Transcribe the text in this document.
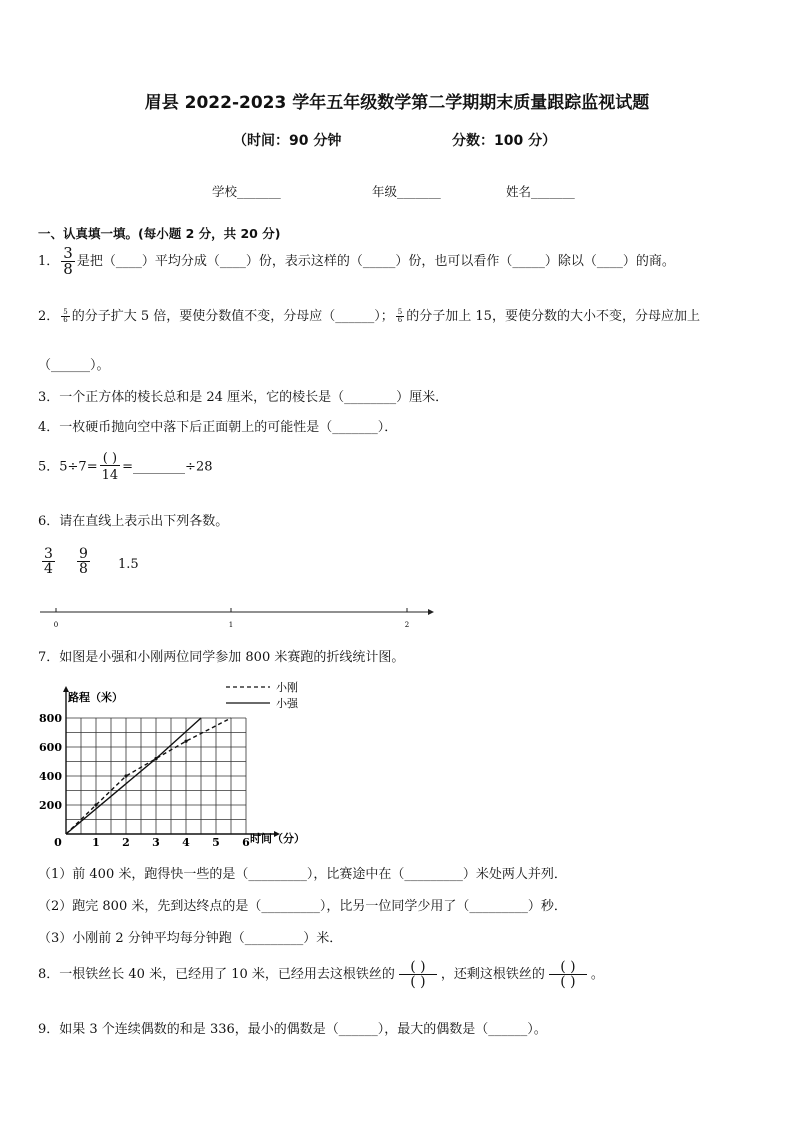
眉县 2022-2023 学年五年级数学第二学期期末质量跟踪监视试题
（时间：90 分钟	分数：100 分）
学校_______	年级_______	姓名_______
一、认真填一填。(每小题 2 分，共 20 分)
1． $\frac{3}{8}$ 是把（____）平均分成（____）份，表示这样的（_____）份，也可以看作（_____）除以（____）的商。
2． $\frac{5}{6}$ 的分子扩大 5 倍，要使分数值不变，分母应（______）； $\frac{5}{6}$ 的分子加上 15，要使分数的大小不变，分母应加上
（______）。
3．一个正方体的棱长总和是 24 厘米，它的棱长是（________）厘米．
4．一枚硬币抛向空中落下后正面朝上的可能性是（_______）．
5．$5\div 7= \frac{( )}{14}$ =________÷28
6．请在直线上表示出下列各数。
$\frac{3}{4} \frac{9}{8} 1.5$
0	1	2
7．如图是小强和小刚两位同学参加 800 米赛跑的折线统计图。
0	1 2 3 4 5 6
200
400
600
800
时间（分）
路程（米）
小刚
小强
（1）前 400 米，跑得快一些的是（_________），比赛途中在（_________）米处两人并列．
（2）跑完 800 米，先到达终点的是（_________），比另一位同学少用了（_________）秒．
（3）小刚前 2 分钟平均每分钟跑（_________）米．
8．一根铁丝长 40 米，已经用了 10 米，已经用去这根铁丝的 $\frac{( )}{( )}$ ，还剩这根铁丝的 $\frac{( )}{( )}$ 。
9．如果 3 个连续偶数的和是 336，最小的偶数是（______），最大的偶数是（______）。
